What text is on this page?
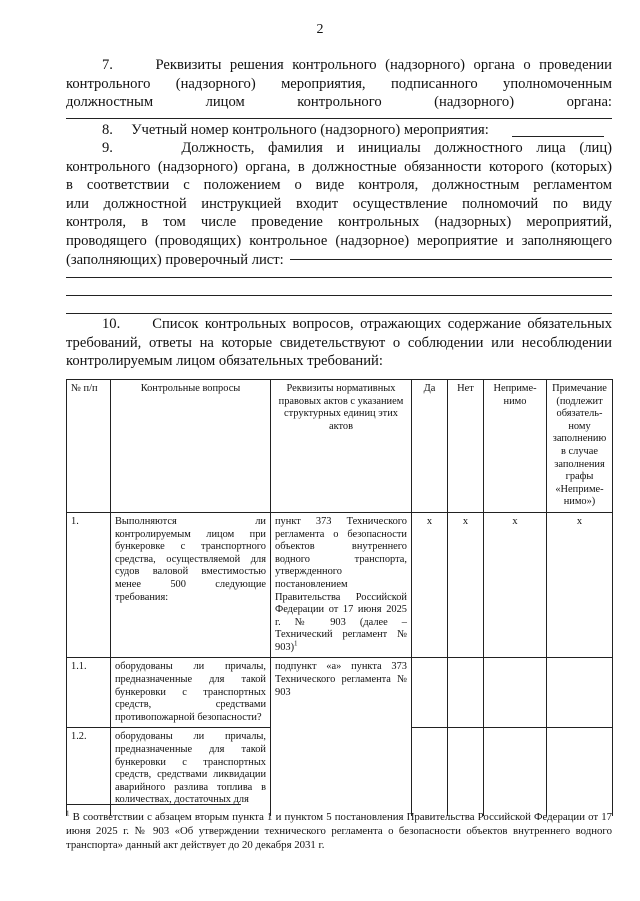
2
7.     Реквизиты решения контрольного (надзорного) органа о проведении
контрольного (надзорного) мероприятия, подписанного уполномоченным
должностным лицом контрольного (надзорного) органа:
8.     Учетный номер контрольного (надзорного) мероприятия:
9.     Должность, фамилия и инициалы должностного лица (лиц)
контрольного (надзорного) органа, в должностные обязанности которого (которых)
в соответствии с положением о виде контроля, должностным регламентом
или должностной инструкцией входит осуществление полномочий по виду
контроля, в том числе проведение контрольных (надзорных) мероприятий,
проводящего (проводящих) контрольное (надзорное) мероприятие и заполняющего
(заполняющих) проверочный лист:
10.     Список контрольных вопросов, отражающих содержание обязательных
требований, ответы на которые свидетельствуют о соблюдении или несоблюдении
контролируемым лицом обязательных требований:
№ п/п	Контрольные вопросы	Реквизиты нормативных правовых актов с указанием структурных единиц этих актов	Да	Нет	Неприме-нимо	Примечание (подлежит обязатель-ному заполнению в случае заполнения графы «Неприме-нимо»)
1.	Выполняются ли контролируемым лицом при бункеровке с транспортного средства, осуществляемой для судов валовой вместимостью менее 500 следующие требования:	пункт 373 Технического регламента о безопасности объектов внутреннего водного транспорта, утвержденного постановлением Правительства Российской Федерации от 17 июня 2025 г. № 903 (далее – Технический регламент № 903)$^1$	x	x	x	x
1.1.	оборудованы ли причалы, предназначенные для такой бункеровки с транспортных средств, средствами противопожарной безопасности?	подпункт «а» пункта 373 Технического регламента № 903				
1.2.	оборудованы ли причалы, предназначенные для такой бункеровки с транспортных средств, средствами ликвидации аварийного разлива топлива в количествах, достаточных для					
$^1$ В соответствии с абзацем вторым пункта 1 и пунктом 5 постановления Правительства Российской Федерации от 17 июня 2025 г. № 903 «Об утверждении технического регламента о безопасности объектов внутреннего водного транспорта» данный акт действует до 20 декабря 2031 г.
